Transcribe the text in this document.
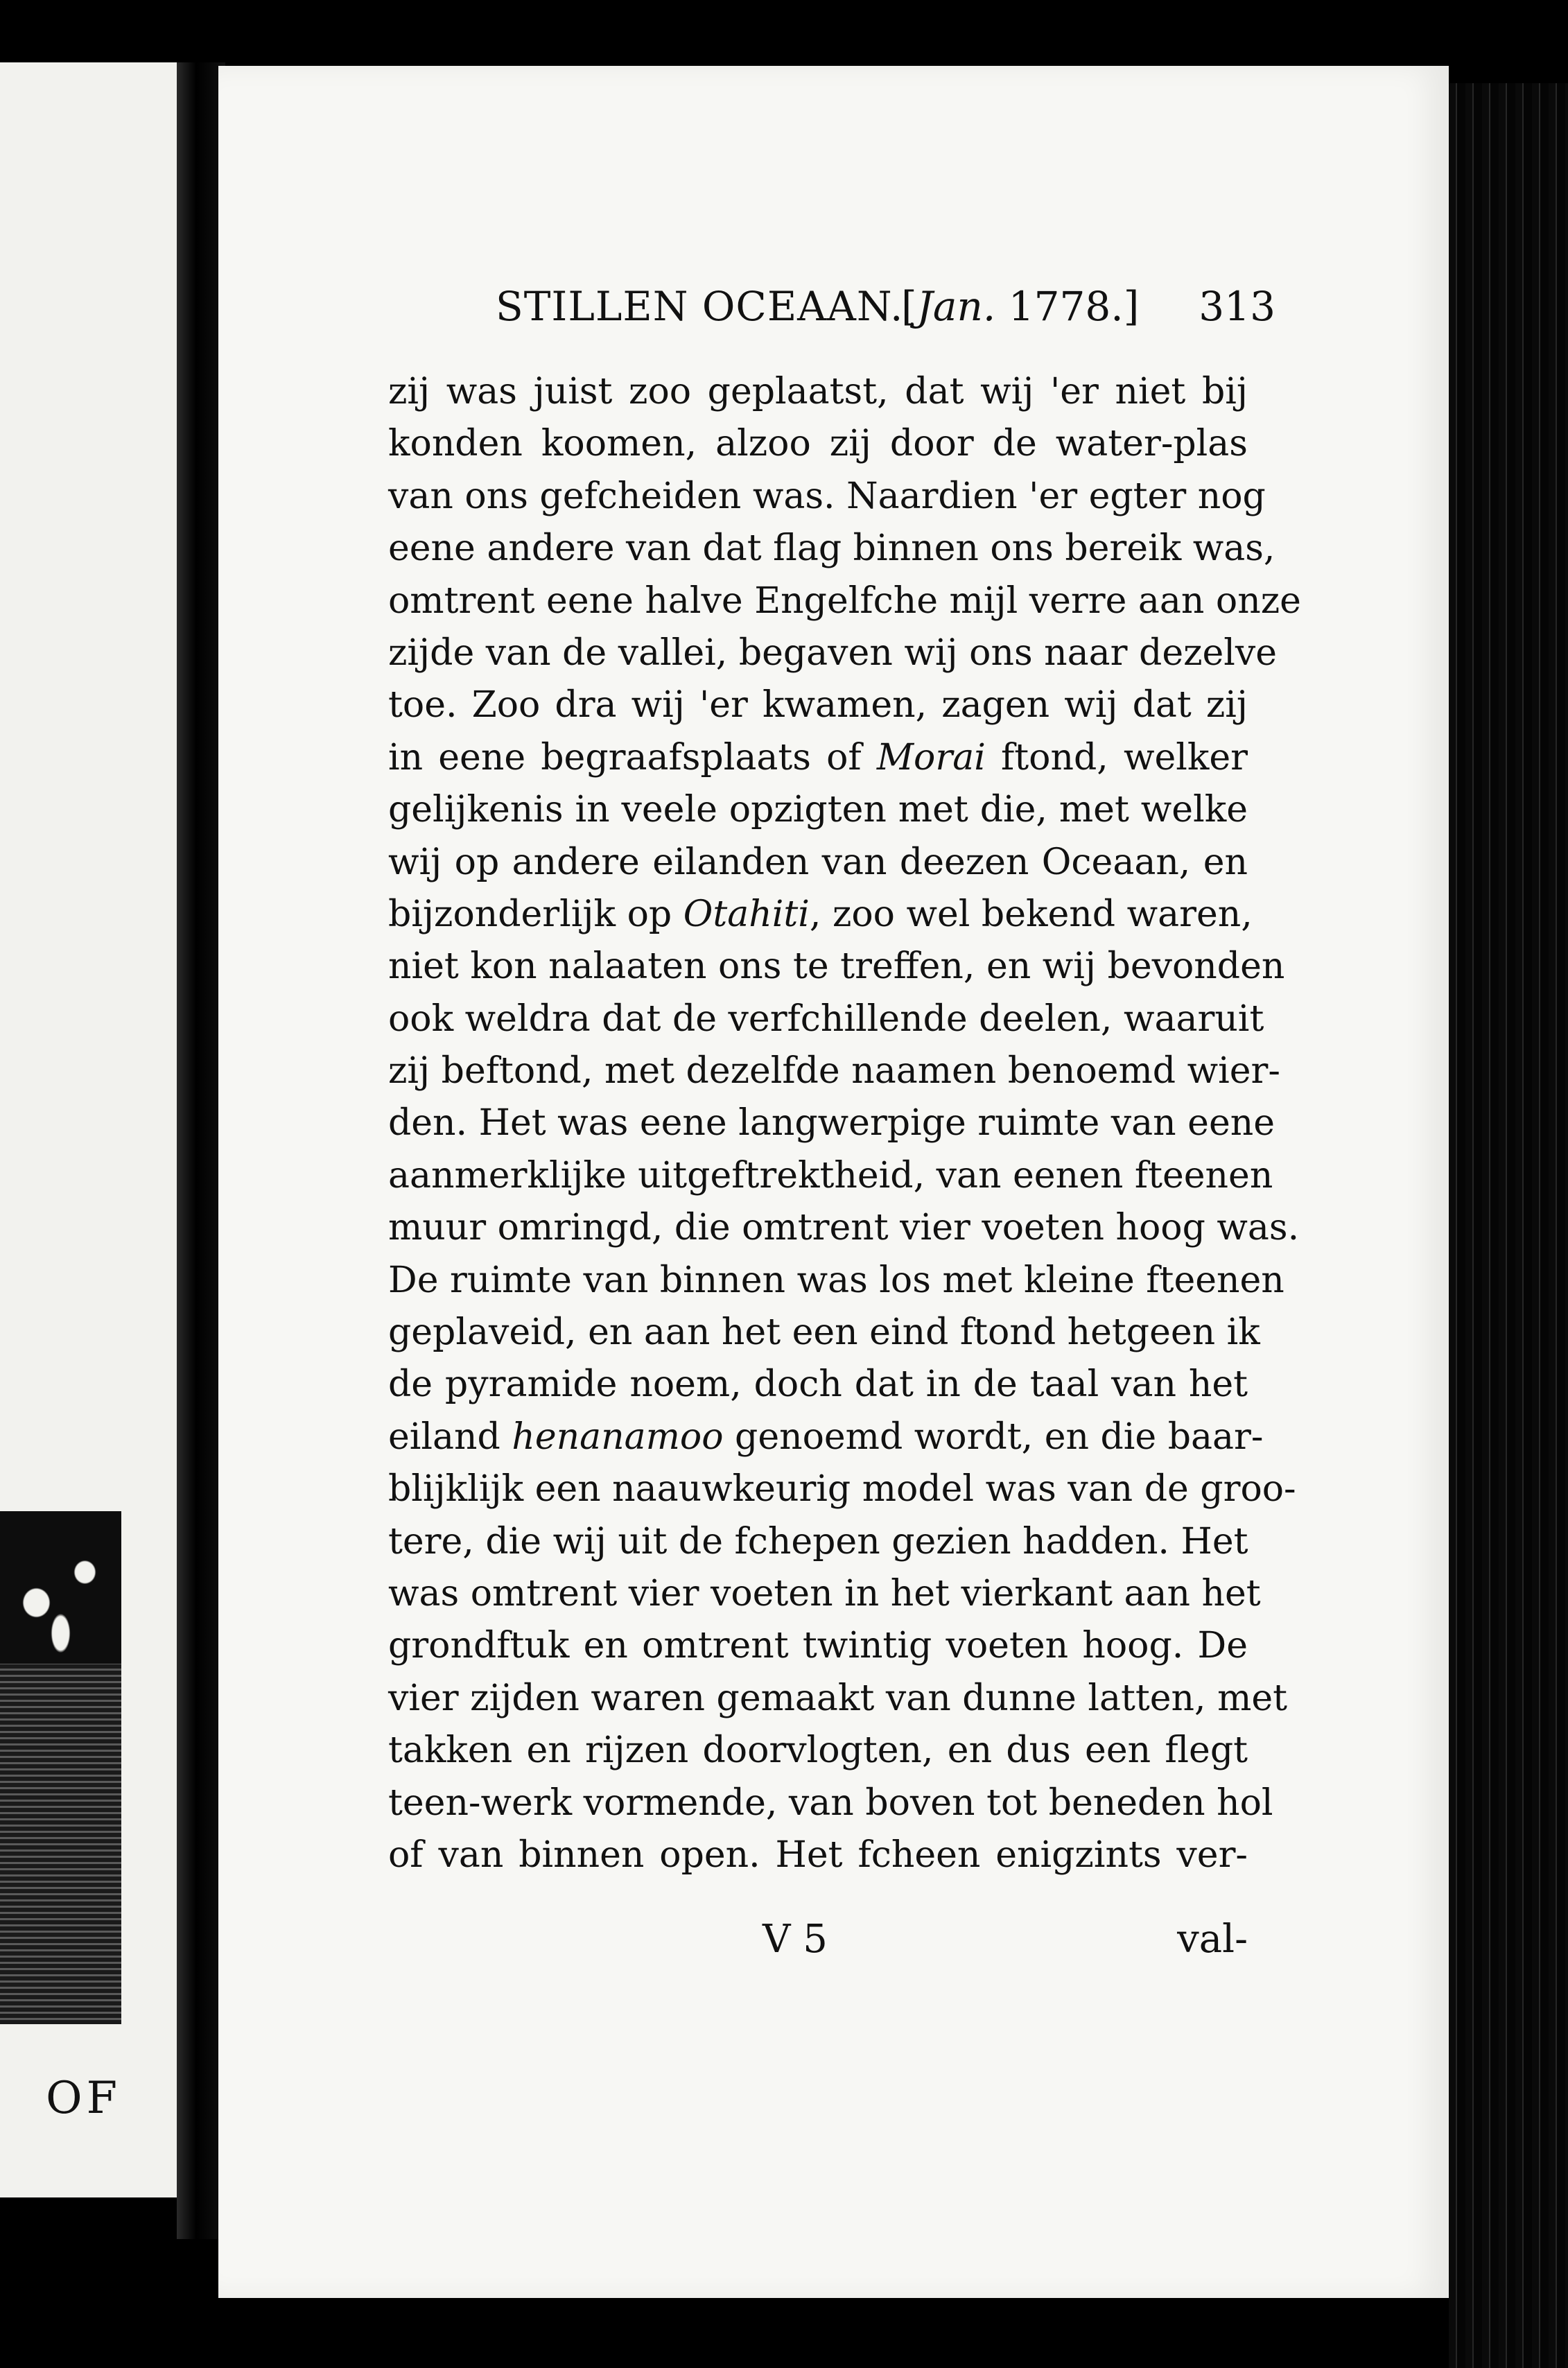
OF
STILLEN OCEAAN.
[Jan. 1778.] 313
zij was juist zoo geplaatst, dat wij 'er niet bij
konden koomen, alzoo zij door de water-plas
van ons gefcheiden was. Naardien 'er egter nog
eene andere van dat flag binnen ons bereik was,
omtrent eene halve Engelfche mijl verre aan onze
zijde van de vallei, begaven wij ons naar dezelve
toe. Zoo dra wij 'er kwamen, zagen wij dat zij
in eene begraafsplaats of Morai ftond, welker
gelijkenis in veele opzigten met die, met welke
wij op andere eilanden van deezen Oceaan, en
bijzonderlijk op Otahiti, zoo wel bekend waren,
niet kon nalaaten ons te treffen, en wij bevonden
ook weldra dat de verfchillende deelen, waaruit
zij beftond, met dezelfde naamen benoemd wier-
den. Het was eene langwerpige ruimte van eene
aanmerklijke uitgeftrektheid, van eenen fteenen
muur omringd, die omtrent vier voeten hoog was.
De ruimte van binnen was los met kleine fteenen
geplaveid, en aan het een eind ftond hetgeen ik
de pyramide noem, doch dat in de taal van het
eiland henanamoo genoemd wordt, en die baar-
blijklijk een naauwkeurig model was van de groo-
tere, die wij uit de fchepen gezien hadden. Het
was omtrent vier voeten in het vierkant aan het
grondftuk en omtrent twintig voeten hoog. De
vier zijden waren gemaakt van dunne latten, met
takken en rijzen doorvlogten, en dus een flegt
teen-werk vormende, van boven tot beneden hol
of van binnen open. Het fcheen enigzints ver-
V 5	val-
